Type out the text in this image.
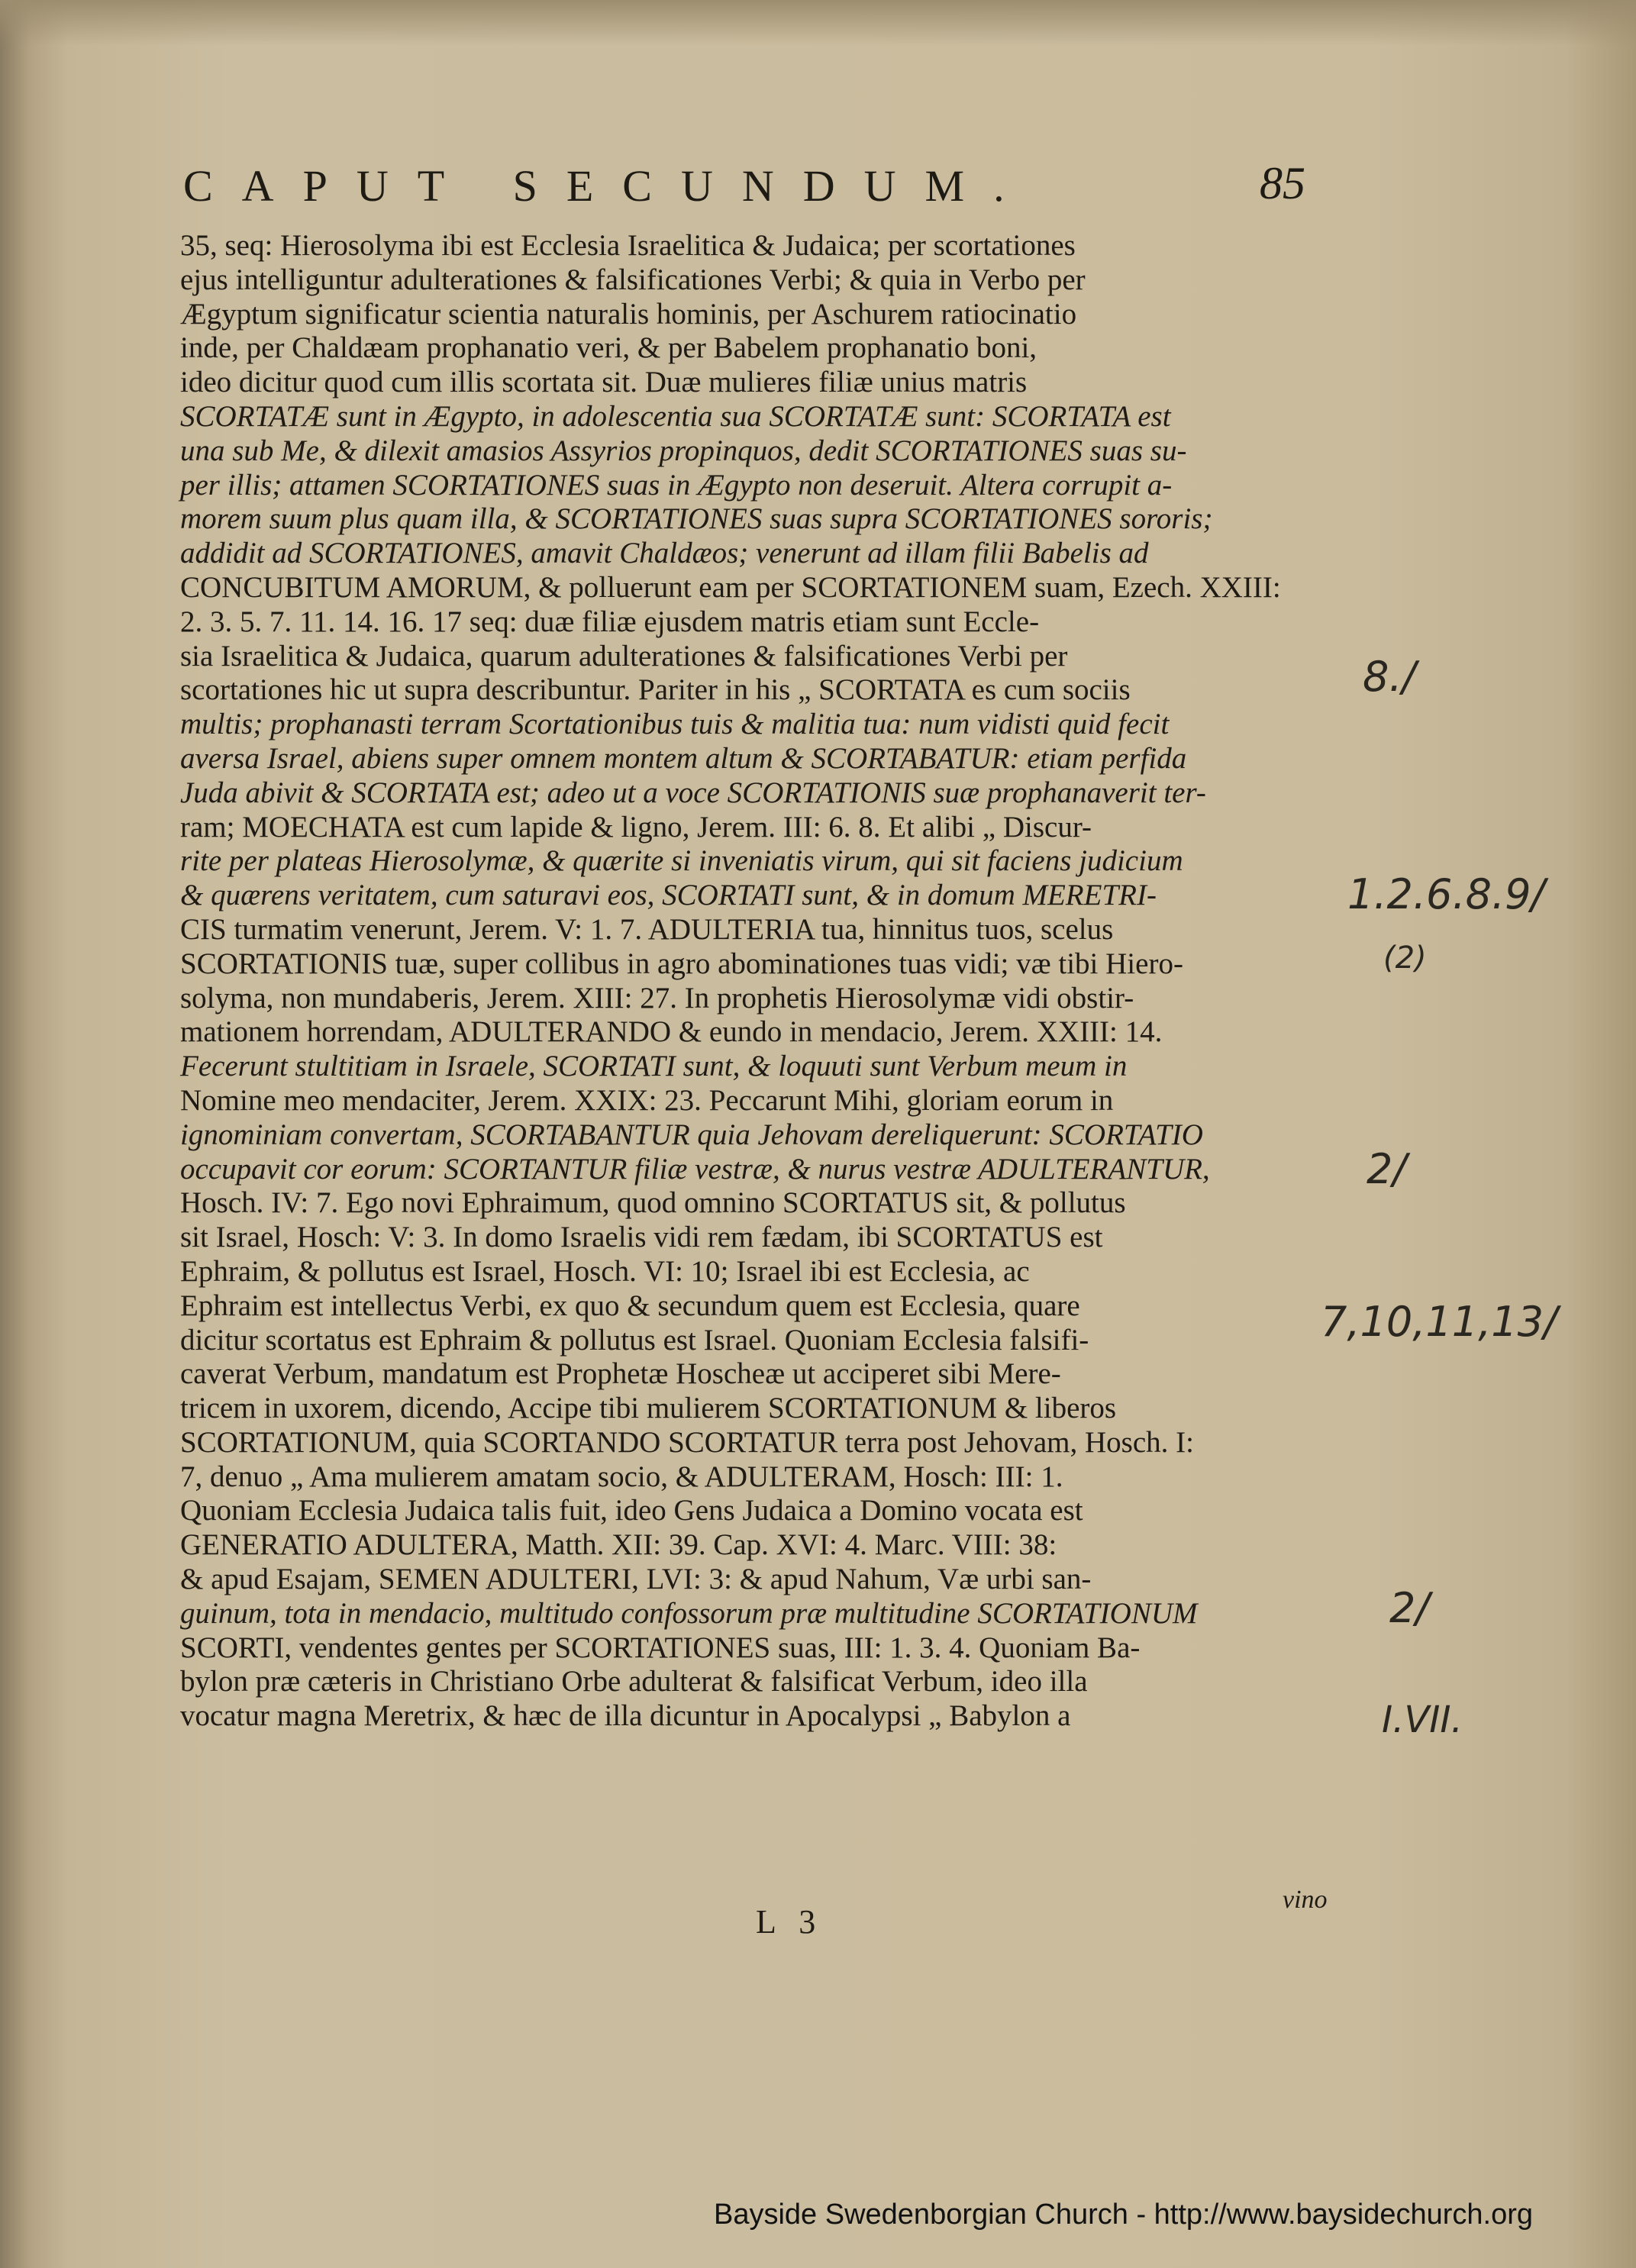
CAPUT SECUNDUM.	85
35, seq: Hierosolyma ibi est Ecclesia Israelitica & Judaica; per scortationes
ejus intelliguntur adulterationes & falsificationes Verbi; & quia in Verbo per
Ægyptum significatur scientia naturalis hominis, per Aschurem ratiocinatio
inde, per Chaldæam prophanatio veri, & per Babelem prophanatio boni,
ideo dicitur quod cum illis scortata sit. Duæ mulieres filiæ unius matris
SCORTATÆ sunt in Ægypto, in adolescentia sua SCORTATÆ sunt: SCORTATA est
una sub Me, & dilexit amasios Assyrios propinquos, dedit SCORTATIONES suas su-
per illis; attamen SCORTATIONES suas in Ægypto non deseruit. Altera corrupit a-
morem suum plus quam illa, & SCORTATIONES suas supra SCORTATIONES sororis;
addidit ad SCORTATIONES, amavit Chaldæos; venerunt ad illam filii Babelis ad
CONCUBITUM AMORUM, & polluerunt eam per SCORTATIONEM suam, Ezech. XXIII:
2. 3. 5. 7. 11. 14. 16. 17 seq: duæ filiæ ejusdem matris etiam sunt Eccle-
sia Israelitica & Judaica, quarum adulterationes & falsificationes Verbi per
scortationes hic ut supra describuntur. Pariter in his „ SCORTATA es cum sociis
multis; prophanasti terram Scortationibus tuis & malitia tua: num vidisti quid fecit
aversa Israel, abiens super omnem montem altum & SCORTABATUR: etiam perfida
Juda abivit & SCORTATA est; adeo ut a voce SCORTATIONIS suæ prophanaverit ter-
ram; MOECHATA est cum lapide & ligno, Jerem. III: 6. 8. Et alibi „ Discur-
rite per plateas Hierosolymæ, & quærite si inveniatis virum, qui sit faciens judicium
& quærens veritatem, cum saturavi eos, SCORTATI sunt, & in domum MERETRI-
CIS turmatim venerunt, Jerem. V: 1. 7. ADULTERIA tua, hinnitus tuos, scelus
SCORTATIONIS tuæ, super collibus in agro abominationes tuas vidi; væ tibi Hiero-
solyma, non mundaberis, Jerem. XIII: 27. In prophetis Hierosolymæ vidi obstir-
mationem horrendam, ADULTERANDO & eundo in mendacio, Jerem. XXIII: 14.
Fecerunt stultitiam in Israele, SCORTATI sunt, & loquuti sunt Verbum meum in
Nomine meo mendaciter, Jerem. XXIX: 23. Peccarunt Mihi, gloriam eorum in
ignominiam convertam, SCORTABANTUR quia Jehovam dereliquerunt: SCORTATIO
occupavit cor eorum: SCORTANTUR filiæ vestræ, & nurus vestræ ADULTERANTUR,
Hosch. IV: 7. Ego novi Ephraimum, quod omnino SCORTATUS sit, & pollutus
sit Israel, Hosch: V: 3. In domo Israelis vidi rem fædam, ibi SCORTATUS est
Ephraim, & pollutus est Israel, Hosch. VI: 10; Israel ibi est Ecclesia, ac
Ephraim est intellectus Verbi, ex quo & secundum quem est Ecclesia, quare
dicitur scortatus est Ephraim & pollutus est Israel. Quoniam Ecclesia falsifi-
caverat Verbum, mandatum est Prophetæ Hoscheæ ut acciperet sibi Mere-
tricem in uxorem, dicendo, Accipe tibi mulierem SCORTATIONUM & liberos
SCORTATIONUM, quia SCORTANDO SCORTATUR terra post Jehovam, Hosch. I:
7, denuo „ Ama mulierem amatam socio, & ADULTERAM, Hosch: III: 1.
Quoniam Ecclesia Judaica talis fuit, ideo Gens Judaica a Domino vocata est
GENERATIO ADULTERA, Matth. XII: 39. Cap. XVI: 4. Marc. VIII: 38:
& apud Esajam, SEMEN ADULTERI, LVI: 3: & apud Nahum, Væ urbi san-
guinum, tota in mendacio, multitudo confossorum præ multitudine SCORTATIONUM
SCORTI, vendentes gentes per SCORTATIONES suas, III: 1. 3. 4. Quoniam Ba-
bylon præ cæteris in Christiano Orbe adulterat & falsificat Verbum, ideo illa
vocatur magna Meretrix, & hæc de illa dicuntur in Apocalypsi „ Babylon a
vino
L 3
8./
1.2.6.8.9/
(2)
2/
7,10,11,13/
2/
I.VII.
Bayside Swedenborgian Church - http://www.baysidechurch.org
